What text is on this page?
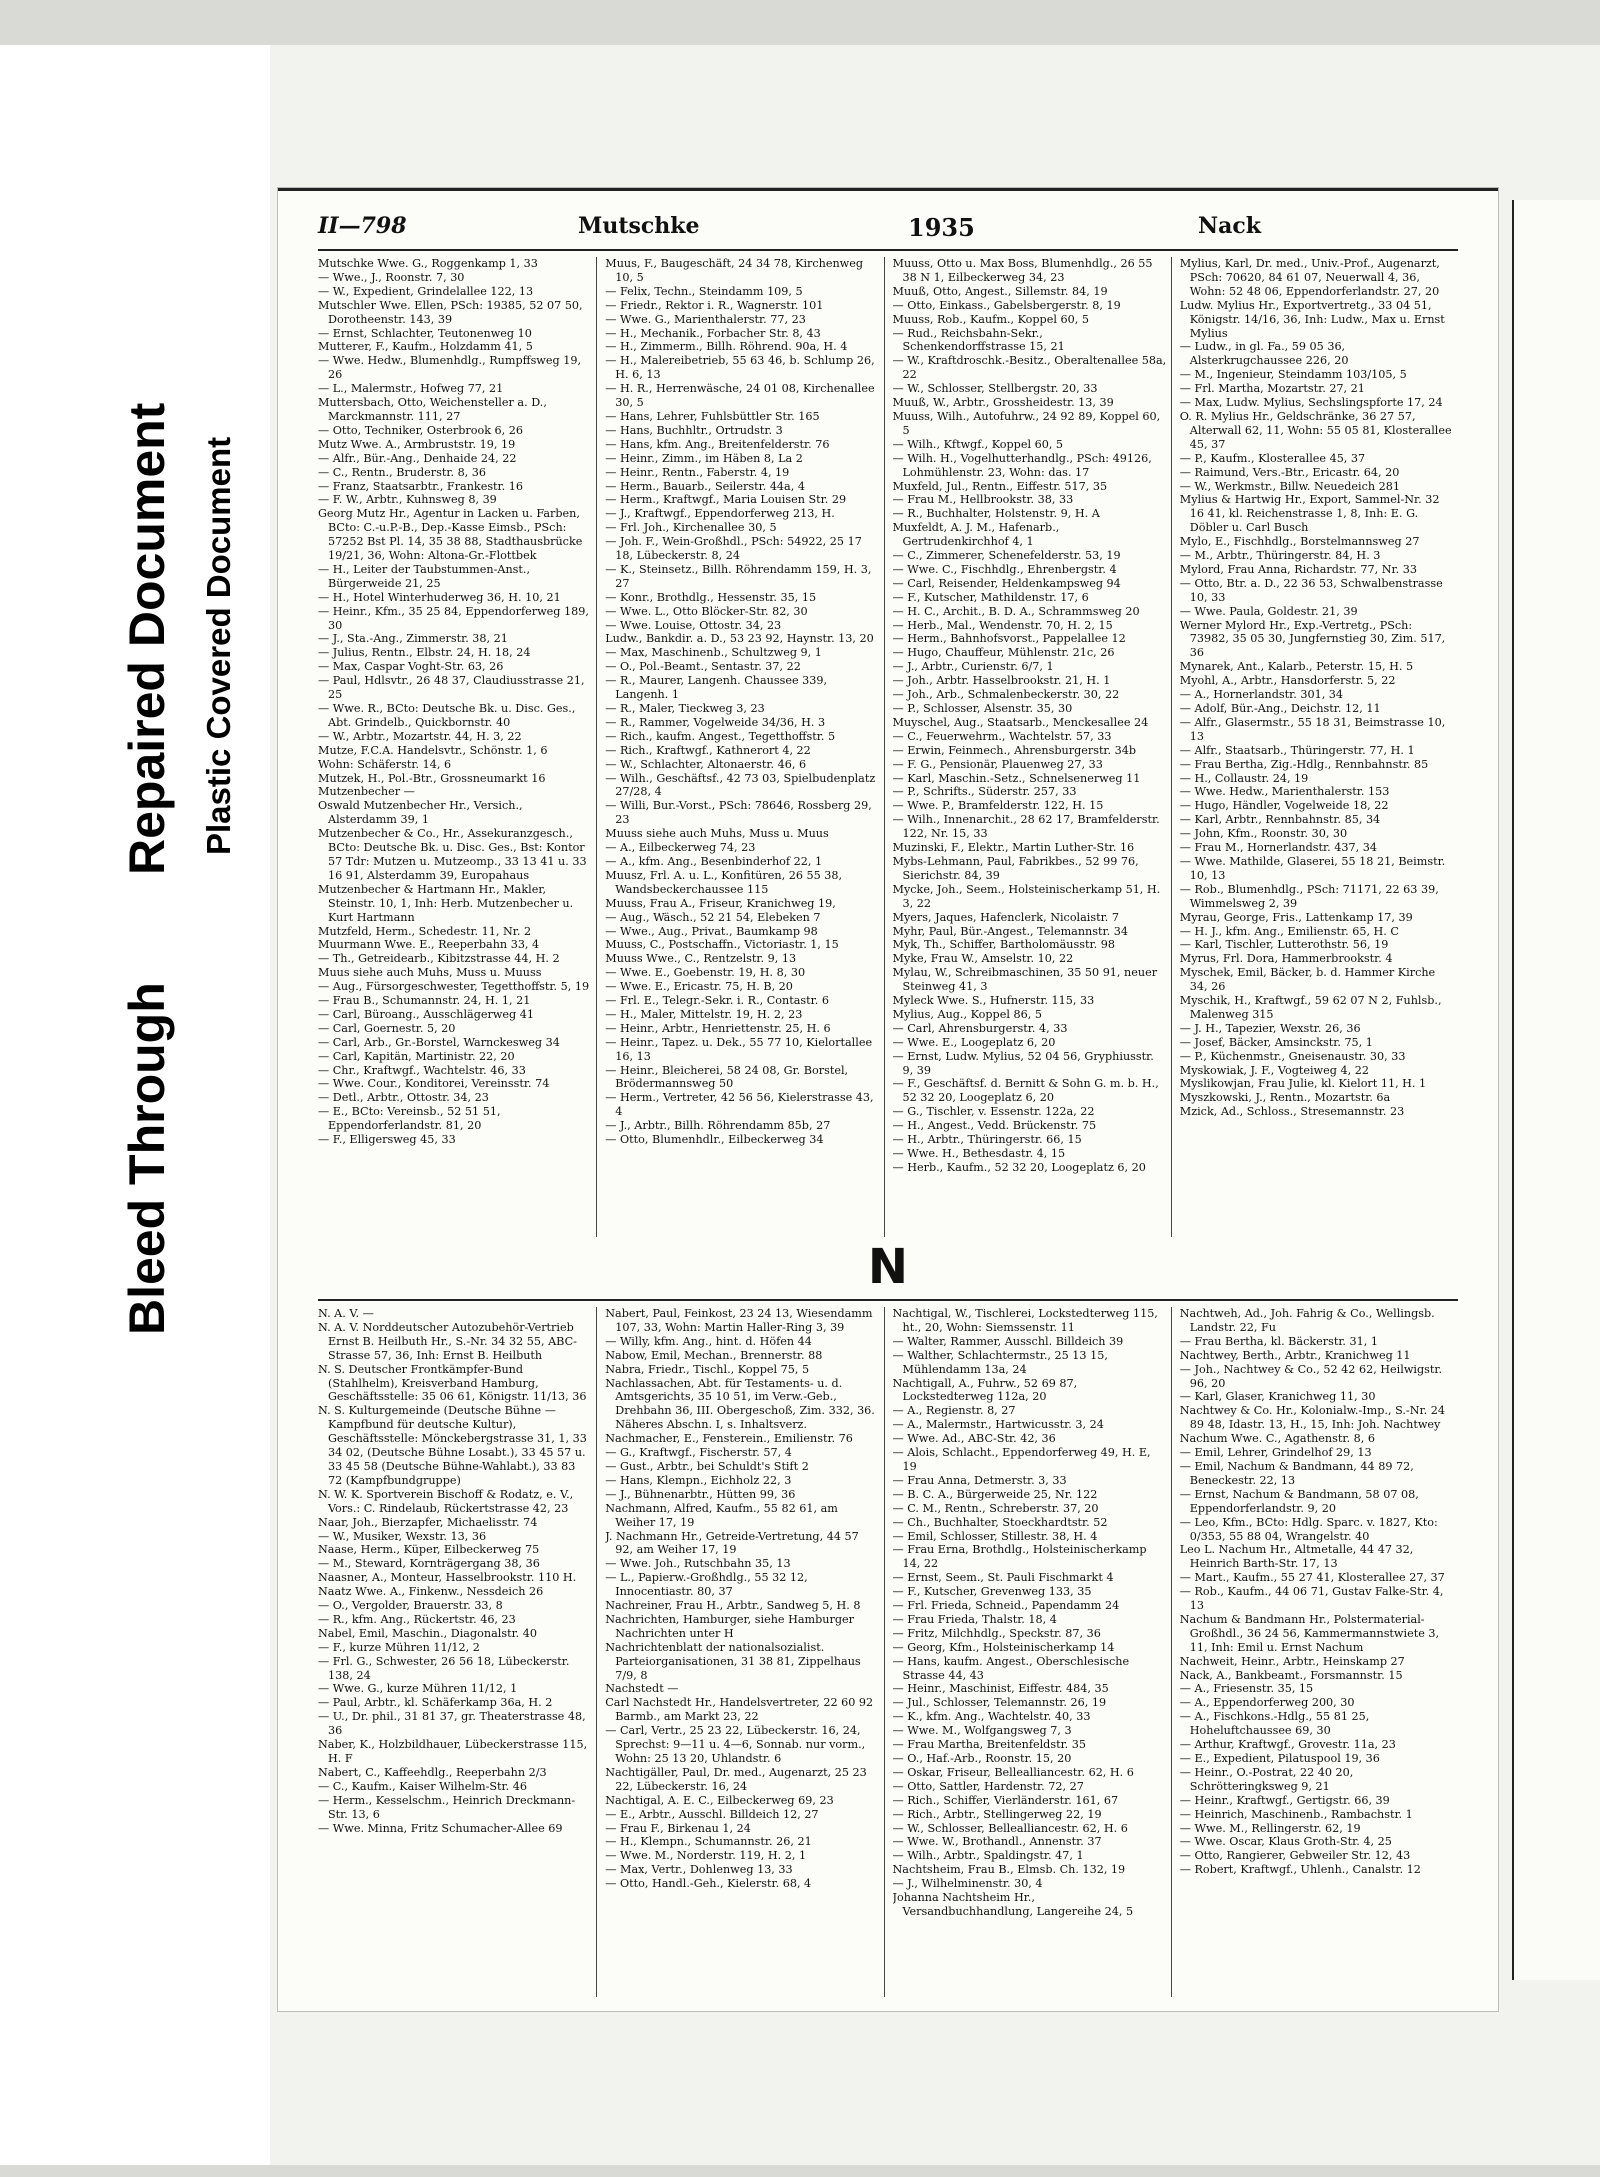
Bleed Through
Repaired Document Plastic Covered Document
II—798	Mutschke	1935	Nack

Mutschke Wwe. G., Roggenkamp 1, 33

— Wwe., J., Roonstr. 7, 30

— W., Expedient, Grindelallee 122, 13

Mutschler Wwe. Ellen, PSch: 19385, 52 07 50, Dorotheenstr. 143, 39

— Ernst, Schlachter, Teutonenweg 10

Mutterer, F., Kaufm., Holzdamm 41, 5

— Wwe. Hedw., Blumenhdlg., Rumpffsweg 19, 26

— L., Malermstr., Hofweg 77, 21

Muttersbach, Otto, Weichensteller a. D., Marckmannstr. 111, 27

— Otto, Techniker, Osterbrook 6, 26

Mutz Wwe. A., Armbruststr. 19, 19

— Alfr., Bür.-Ang., Denhaide 24, 22

— C., Rentn., Bruderstr. 8, 36

— Franz, Staatsarbtr., Frankestr. 16

— F. W., Arbtr., Kuhnsweg 8, 39

Georg Mutz Hr., Agentur in Lacken u. Farben, BCto: C.-u.P.-B., Dep.-Kasse Eimsb., PSch: 57252 Bst Pl. 14, 35 38 88, Stadthausbrücke 19/21, 36, Wohn: Altona-Gr.-Flottbek

— H., Leiter der Taubstummen-Anst., Bürgerweide 21, 25

— H., Hotel Winterhuderweg 36, H. 10, 21

— Heinr., Kfm., 35 25 84, Eppendorferweg 189, 30

— J., Sta.-Ang., Zimmerstr. 38, 21

— Julius, Rentn., Elbstr. 24, H. 18, 24

— Max, Caspar Voght-Str. 63, 26

— Paul, Hdlsvtr., 26 48 37, Claudiusstrasse 21, 25

— Wwe. R., BCto: Deutsche Bk. u. Disc. Ges., Abt. Grindelb., Quickbornstr. 40

— W., Arbtr., Mozartstr. 44, H. 3, 22

Mutze, F.C.A. Handelsvtr., Schönstr. 1, 6

Wohn: Schäferstr. 14, 6

Mutzek, H., Pol.-Btr., Grossneumarkt 16

Mutzenbecher —

Oswald Mutzenbecher Hr., Versich., Alsterdamm 39, 1

Mutzenbecher & Co., Hr., Assekuranzgesch., BCto: Deutsche Bk. u. Disc. Ges., Bst: Kontor 57 Tdr: Mutzen u. Mutzeomp., 33 13 41 u. 33 16 91, Alsterdamm 39, Europahaus

Mutzenbecher & Hartmann Hr., Makler, Steinstr. 10, 1, Inh: Herb. Mutzenbecher u. Kurt Hartmann

Mutzfeld, Herm., Schedestr. 11, Nr. 2

Muurmann Wwe. E., Reeperbahn 33, 4

— Th., Getreidearb., Kibitzstrasse 44, H. 2

Muus siehe auch Muhs, Muss u. Muuss

— Aug., Fürsorgeschwester, Tegetthoffstr. 5, 19

— Frau B., Schumannstr. 24, H. 1, 21

— Carl, Büroang., Ausschlägerweg 41

— Carl, Goernestr. 5, 20

— Carl, Arb., Gr.-Borstel, Warnckesweg 34

— Carl, Kapitän, Martinistr. 22, 20

— Chr., Kraftwgf., Wachtelstr. 46, 33

— Wwe. Cour., Konditorei, Vereinsstr. 74

— Detl., Arbtr., Ottostr. 34, 23

— E., BCto: Vereinsb., 52 51 51, Eppendorferlandstr. 81, 20

— F., Elligersweg 45, 33

Muus, F., Baugeschäft, 24 34 78, Kirchenweg 10, 5

— Felix, Techn., Steindamm 109, 5

— Friedr., Rektor i. R., Wagnerstr. 101

— Wwe. G., Marienthalerstr. 77, 23

— H., Mechanik., Forbacher Str. 8, 43

— H., Zimmerm., Billh. Röhrend. 90a, H. 4

— H., Malereibetrieb, 55 63 46, b. Schlump 26, H. 6, 13

— H. R., Herrenwäsche, 24 01 08, Kirchenallee 30, 5

— Hans, Lehrer, Fuhlsbüttler Str. 165

— Hans, Buchhltr., Ortrudstr. 3

— Hans, kfm. Ang., Breitenfelderstr. 76

— Heinr., Zimm., im Häben 8, La 2

— Heinr., Rentn., Faberstr. 4, 19

— Herm., Bauarb., Seilerstr. 44a, 4

— Herm., Kraftwgf., Maria Louisen Str. 29

— J., Kraftwgf., Eppendorferweg 213, H.

— Frl. Joh., Kirchenallee 30, 5

— Joh. F., Wein-Großhdl., PSch: 54922, 25 17 18, Lübeckerstr. 8, 24

— K., Steinsetz., Billh. Röhrendamm 159, H. 3, 27

— Konr., Brothdlg., Hessenstr. 35, 15

— Wwe. L., Otto Blöcker-Str. 82, 30

— Wwe. Louise, Ottostr. 34, 23

Ludw., Bankdir. a. D., 53 23 92, Haynstr. 13, 20

— Max, Maschinenb., Schultzweg 9, 1

— O., Pol.-Beamt., Sentastr. 37, 22

— R., Maurer, Langenh. Chaussee 339, Langenh. 1

— R., Maler, Tieckweg 3, 23

— R., Rammer, Vogelweide 34/36, H. 3

— Rich., kaufm. Angest., Tegetthoffstr. 5

— Rich., Kraftwgf., Kathnerort 4, 22

— W., Schlachter, Altonaerstr. 46, 6

— Wilh., Geschäftsf., 42 73 03, Spielbudenplatz 27/28, 4

— Willi, Bur.-Vorst., PSch: 78646, Rossberg 29, 23

Muuss siehe auch Muhs, Muss u. Muus

— A., Eilbeckerweg 74, 23

— A., kfm. Ang., Besenbinderhof 22, 1

Muusz, Frl. A. u. L., Konfitüren, 26 55 38, Wandsbeckerchaussee 115

Muuss, Frau A., Friseur, Kranichweg 19,

— Aug., Wäsch., 52 21 54, Elebeken 7

— Wwe., Aug., Privat., Baumkamp 98

Muuss, C., Postschaffn., Victoriastr. 1, 15

Muuss Wwe., C., Rentzelstr. 9, 13

— Wwe. E., Goebenstr. 19, H. 8, 30

— Wwe. E., Ericastr. 75, H. B, 20

— Frl. E., Telegr.-Sekr. i. R., Contastr. 6

— H., Maler, Mittelstr. 19, H. 2, 23

— Heinr., Arbtr., Henriettenstr. 25, H. 6

— Heinr., Tapez. u. Dek., 55 77 10, Kielortallee 16, 13

— Heinr., Bleicherei, 58 24 08, Gr. Borstel, Brödermannsweg 50

— Herm., Vertreter, 42 56 56, Kielerstrasse 43, 4

— J., Arbtr., Billh. Röhrendamm 85b, 27

— Otto, Blumenhdlr., Eilbeckerweg 34

Muuss, Otto u. Max Boss, Blumenhdlg., 26 55 38 N 1, Eilbeckerweg 34, 23

Muuß, Otto, Angest., Sillemstr. 84, 19

— Otto, Einkass., Gabelsbergerstr. 8, 19

Muuss, Rob., Kaufm., Koppel 60, 5

— Rud., Reichsbahn-Sekr., Schenkendorffstrasse 15, 21

— W., Kraftdroschk.-Besitz., Oberaltenallee 58a, 22

— W., Schlosser, Stellbergstr. 20, 33

Muuß, W., Arbtr., Grossheidestr. 13, 39

Muuss, Wilh., Autofuhrw., 24 92 89, Koppel 60, 5

— Wilh., Kftwgf., Koppel 60, 5

— Wilh. H., Vogelhutterhandlg., PSch: 49126, Lohmühlenstr. 23, Wohn: das. 17

Muxfeld, Jul., Rentn., Eiffestr. 517, 35

— Frau M., Hellbrookstr. 38, 33

— R., Buchhalter, Holstenstr. 9, H. A

Muxfeldt, A. J. M., Hafenarb., Gertrudenkirchhof 4, 1

— C., Zimmerer, Schenefelderstr. 53, 19

— Wwe. C., Fischhdlg., Ehrenbergstr. 4

— Carl, Reisender, Heldenkampsweg 94

— F., Kutscher, Mathildenstr. 17, 6

— H. C., Archit., B. D. A., Schrammsweg 20

— Herb., Mal., Wendenstr. 70, H. 2, 15

— Herm., Bahnhofsvorst., Pappelallee 12

— Hugo, Chauffeur, Mühlenstr. 21c, 26

— J., Arbtr., Curienstr. 6/7, 1

— Joh., Arbtr. Hasselbrookstr. 21, H. 1

— Joh., Arb., Schmalenbeckerstr. 30, 22

— P., Schlosser, Alsenstr. 35, 30

Muyschel, Aug., Staatsarb., Menckesallee 24

— C., Feuerwehrm., Wachtelstr. 57, 33

— Erwin, Feinmech., Ahrensburgerstr. 34b

— F. G., Pensionär, Plauenweg 27, 33

— Karl, Maschin.-Setz., Schnelsenerweg 11

— P., Schrifts., Süderstr. 257, 33

— Wwe. P., Bramfelderstr. 122, H. 15

— Wilh., Innenarchit., 28 62 17, Bramfelderstr. 122, Nr. 15, 33

Muzinski, F., Elektr., Martin Luther-Str. 16

Mybs-Lehmann, Paul, Fabrikbes., 52 99 76, Sierichstr. 84, 39

Mycke, Joh., Seem., Holsteinischerkamp 51, H. 3, 22

Myers, Jaques, Hafenclerk, Nicolaistr. 7

Myhr, Paul, Bür.-Angest., Telemannstr. 34

Myk, Th., Schiffer, Bartholomäusstr. 98

Myke, Frau W., Amselstr. 10, 22

Mylau, W., Schreibmaschinen, 35 50 91, neuer Steinweg 41, 3

Myleck Wwe. S., Hufnerstr. 115, 33

Mylius, Aug., Koppel 86, 5

— Carl, Ahrensburgerstr. 4, 33

— Wwe. E., Loogeplatz 6, 20

— Ernst, Ludw. Mylius, 52 04 56, Gryphiusstr. 9, 39

— F., Geschäftsf. d. Bernitt & Sohn G. m. b. H., 52 32 20, Loogeplatz 6, 20

— G., Tischler, v. Essenstr. 122a, 22

— H., Angest., Vedd. Brückenstr. 75

— H., Arbtr., Thüringerstr. 66, 15

— Wwe. H., Bethesdastr. 4, 15

— Herb., Kaufm., 52 32 20, Loogeplatz 6, 20

Mylius, Karl, Dr. med., Univ.-Prof., Augenarzt, PSch: 70620, 84 61 07, Neuerwall 4, 36, Wohn: 52 48 06, Eppendorferlandstr. 27, 20

Ludw. Mylius Hr., Exportvertretg., 33 04 51, Königstr. 14/16, 36, Inh: Ludw., Max u. Ernst Mylius

— Ludw., in gl. Fa., 59 05 36, Alsterkrugchaussee 226, 20

— M., Ingenieur, Steindamm 103/105, 5

— Frl. Martha, Mozartstr. 27, 21

— Max, Ludw. Mylius, Sechslingspforte 17, 24

O. R. Mylius Hr., Geldschränke, 36 27 57, Alterwall 62, 11, Wohn: 55 05 81, Klosterallee 45, 37

— P., Kaufm., Klosterallee 45, 37

— Raimund, Vers.-Btr., Ericastr. 64, 20

— W., Werkmstr., Billw. Neuedeich 281

Mylius & Hartwig Hr., Export, Sammel-Nr. 32 16 41, kl. Reichenstrasse 1, 8, Inh: E. G. Döbler u. Carl Busch

Mylo, E., Fischhdlg., Borstelmannsweg 27

— M., Arbtr., Thüringerstr. 84, H. 3

Mylord, Frau Anna, Richardstr. 77, Nr. 33

— Otto, Btr. a. D., 22 36 53, Schwalbenstrasse 10, 33

— Wwe. Paula, Goldestr. 21, 39

Werner Mylord Hr., Exp.-Vertretg., PSch: 73982, 35 05 30, Jungfernstieg 30, Zim. 517, 36

Mynarek, Ant., Kalarb., Peterstr. 15, H. 5

Myohl, A., Arbtr., Hansdorferstr. 5, 22

— A., Hornerlandstr. 301, 34

— Adolf, Bür.-Ang., Deichstr. 12, 11

— Alfr., Glasermstr., 55 18 31, Beimstrasse 10, 13

— Alfr., Staatsarb., Thüringerstr. 77, H. 1

— Frau Bertha, Zig.-Hdlg., Rennbahnstr. 85

— H., Collaustr. 24, 19

— Wwe. Hedw., Marienthalerstr. 153

— Hugo, Händler, Vogelweide 18, 22

— Karl, Arbtr., Rennbahnstr. 85, 34

— John, Kfm., Roonstr. 30, 30

— Frau M., Hornerlandstr. 437, 34

— Wwe. Mathilde, Glaserei, 55 18 21, Beimstr. 10, 13

— Rob., Blumenhdlg., PSch: 71171, 22 63 39, Wimmelsweg 2, 39

Myrau, George, Fris., Lattenkamp 17, 39

— H. J., kfm. Ang., Emilienstr. 65, H. C

— Karl, Tischler, Lutterothstr. 56, 19

Myrus, Frl. Dora, Hammerbrookstr. 4

Myschek, Emil, Bäcker, b. d. Hammer Kirche 34, 26

Myschik, H., Kraftwgf., 59 62 07 N 2, Fuhlsb., Malenweg 315

— J. H., Tapezier, Wexstr. 26, 36

— Josef, Bäcker, Amsinckstr. 75, 1

— P., Küchenmstr., Gneisenaustr. 30, 33

Myskowiak, J. F., Vogteiweg 4, 22

Myslikowjan, Frau Julie, kl. Kielort 11, H. 1

Myszkowski, J., Rentn., Mozartstr. 6a

Mzick, Ad., Schloss., Stresemannstr. 23

N

N. A. V. —

N. A. V. Norddeutscher Autozubehör-Vertrieb Ernst B. Heilbuth Hr., S.-Nr. 34 32 55, ABC-Strasse 57, 36, Inh: Ernst B. Heilbuth

N. S. Deutscher Frontkämpfer-Bund (Stahlhelm), Kreisverband Hamburg, Geschäftsstelle: 35 06 61, Königstr. 11/13, 36

N. S. Kulturgemeinde (Deutsche Bühne — Kampfbund für deutsche Kultur), Geschäftsstelle: Mönckebergstrasse 31, 1, 33 34 02, (Deutsche Bühne Losabt.), 33 45 57 u. 33 45 58 (Deutsche Bühne-Wahlabt.), 33 83 72 (Kampfbundgruppe)

N. W. K. Sportverein Bischoff & Rodatz, e. V., Vors.: C. Rindelaub, Rückertstrasse 42, 23

Naar, Joh., Bierzapfer, Michaelisstr. 74

— W., Musiker, Wexstr. 13, 36

Naase, Herm., Küper, Eilbeckerweg 75

— M., Steward, Kornträgergang 38, 36

Naasner, A., Monteur, Hasselbrookstr. 110 H.

Naatz Wwe. A., Finkenw., Nessdeich 26

— O., Vergolder, Brauerstr. 33, 8

— R., kfm. Ang., Rückertstr. 46, 23

Nabel, Emil, Maschin., Diagonalstr. 40

— F., kurze Mühren 11/12, 2

— Frl. G., Schwester, 26 56 18, Lübeckerstr. 138, 24

— Wwe. G., kurze Mühren 11/12, 1

— Paul, Arbtr., kl. Schäferkamp 36a, H. 2

— U., Dr. phil., 31 81 37, gr. Theaterstrasse 48, 36

Naber, K., Holzbildhauer, Lübeckerstrasse 115, H. F

Nabert, C., Kaffeehdlg., Reeperbahn 2/3

— C., Kaufm., Kaiser Wilhelm-Str. 46

— Herm., Kesselschm., Heinrich Dreckmann-Str. 13, 6

— Wwe. Minna, Fritz Schumacher-Allee 69

Nabert, Paul, Feinkost, 23 24 13, Wiesendamm 107, 33, Wohn: Martin Haller-Ring 3, 39

— Willy, kfm. Ang., hint. d. Höfen 44

Nabow, Emil, Mechan., Brennerstr. 88

Nabra, Friedr., Tischl., Koppel 75, 5

Nachlassachen, Abt. für Testaments- u. d. Amtsgerichts, 35 10 51, im Verw.-Geb., Drehbahn 36, III. Obergeschoß, Zim. 332, 36. Näheres Abschn. I, s. Inhaltsverz.

Nachmacher, E., Fensterein., Emilienstr. 76

— G., Kraftwgf., Fischerstr. 57, 4

— Gust., Arbtr., bei Schuldt's Stift 2

— Hans, Klempn., Eichholz 22, 3

— J., Bühnenarbtr., Hütten 99, 36

Nachmann, Alfred, Kaufm., 55 82 61, am Weiher 17, 19

J. Nachmann Hr., Getreide-Vertretung, 44 57 92, am Weiher 17, 19

— Wwe. Joh., Rutschbahn 35, 13

— L., Papierw.-Großhdlg., 55 32 12, Innocentiastr. 80, 37

Nachreiner, Frau H., Arbtr., Sandweg 5, H. 8

Nachrichten, Hamburger, siehe Hamburger Nachrichten unter H

Nachrichtenblatt der nationalsozialist. Parteiorganisationen, 31 38 81, Zippelhaus 7/9, 8

Nachstedt —

Carl Nachstedt Hr., Handelsvertreter, 22 60 92 Barmb., am Markt 23, 22

— Carl, Vertr., 25 23 22, Lübeckerstr. 16, 24, Sprechst: 9—11 u. 4—6, Sonnab. nur vorm., Wohn: 25 13 20, Uhlandstr. 6

Nachtigäller, Paul, Dr. med., Augenarzt, 25 23 22, Lübeckerstr. 16, 24

Nachtigal, A. E. C., Eilbeckerweg 69, 23

— E., Arbtr., Ausschl. Billdeich 12, 27

— Frau F., Birkenau 1, 24

— H., Klempn., Schumannstr. 26, 21

— Wwe. M., Norderstr. 119, H. 2, 1

— Max, Vertr., Dohlenweg 13, 33

— Otto, Handl.-Geh., Kielerstr. 68, 4

Nachtigal, W., Tischlerei, Lockstedterweg 115, ht., 20, Wohn: Siemssenstr. 11

— Walter, Rammer, Ausschl. Billdeich 39

— Walther, Schlachtermstr., 25 13 15, Mühlendamm 13a, 24

Nachtigall, A., Fuhrw., 52 69 87, Lockstedterweg 112a, 20

— A., Regienstr. 8, 27

— A., Malermstr., Hartwicusstr. 3, 24

— Wwe. Ad., ABC-Str. 42, 36

— Alois, Schlacht., Eppendorferweg 49, H. E, 19

— Frau Anna, Detmerstr. 3, 33

— B. C. A., Bürgerweide 25, Nr. 122

— C. M., Rentn., Schreberstr. 37, 20

— Ch., Buchhalter, Stoeckhardtstr. 52

— Emil, Schlosser, Stillestr. 38, H. 4

— Frau Erna, Brothdlg., Holsteinischerkamp 14, 22

— Ernst, Seem., St. Pauli Fischmarkt 4

— F., Kutscher, Grevenweg 133, 35

— Frl. Frieda, Schneid., Papendamm 24

— Frau Frieda, Thalstr. 18, 4

— Fritz, Milchhdlg., Speckstr. 87, 36

— Georg, Kfm., Holsteinischerkamp 14

— Hans, kaufm. Angest., Oberschlesische Strasse 44, 43

— Heinr., Maschinist, Eiffestr. 484, 35

— Jul., Schlosser, Telemannstr. 26, 19

— K., kfm. Ang., Wachtelstr. 40, 33

— Wwe. M., Wolfgangsweg 7, 3

— Frau Martha, Breitenfeldstr. 35

— O., Haf.-Arb., Roonstr. 15, 20

— Oskar, Friseur, Bellealliancestr. 62, H. 6

— Otto, Sattler, Hardenstr. 72, 27

— Rich., Schiffer, Vierländerstr. 161, 67

— Rich., Arbtr., Stellingerweg 22, 19

— W., Schlosser, Bellealliancestr. 62, H. 6

— Wwe. W., Brothandl., Annenstr. 37

— Wilh., Arbtr., Spaldingstr. 47, 1

Nachtsheim, Frau B., Elmsb. Ch. 132, 19

— J., Wilhelminenstr. 30, 4

Johanna Nachtsheim Hr., Versandbuchhandlung, Langereihe 24, 5

Nachtweh, Ad., Joh. Fahrig & Co., Wellingsb. Landstr. 22, Fu

— Frau Bertha, kl. Bäckerstr. 31, 1

Nachtwey, Berth., Arbtr., Kranichweg 11

— Joh., Nachtwey & Co., 52 42 62, Heilwigstr. 96, 20

— Karl, Glaser, Kranichweg 11, 30

Nachtwey & Co. Hr., Kolonialw.-Imp., S.-Nr. 24 89 48, Idastr. 13, H., 15, Inh: Joh. Nachtwey

Nachum Wwe. C., Agathenstr. 8, 6

— Emil, Lehrer, Grindelhof 29, 13

— Emil, Nachum & Bandmann, 44 89 72, Beneckestr. 22, 13

— Ernst, Nachum & Bandmann, 58 07 08, Eppendorferlandstr. 9, 20

— Leo, Kfm., BCto: Hdlg. Sparc. v. 1827, Kto: 0/353, 55 88 04, Wrangelstr. 40

Leo L. Nachum Hr., Altmetalle, 44 47 32, Heinrich Barth-Str. 17, 13

— Mart., Kaufm., 55 27 41, Klosterallee 27, 37

— Rob., Kaufm., 44 06 71, Gustav Falke-Str. 4, 13

Nachum & Bandmann Hr., Polstermaterial-Großhdl., 36 24 56, Kammermannstwiete 3, 11, Inh: Emil u. Ernst Nachum

Nachweit, Heinr., Arbtr., Heinskamp 27

Nack, A., Bankbeamt., Forsmannstr. 15

— A., Friesenstr. 35, 15

— A., Eppendorferweg 200, 30

— A., Fischkons.-Hdlg., 55 81 25, Hoheluftchaussee 69, 30

— Arthur, Kraftwgf., Grovestr. 11a, 23

— E., Expedient, Pilatuspool 19, 36

— Heinr., O.-Postrat, 22 40 20, Schrötteringksweg 9, 21

— Heinr., Kraftwgf., Gertigstr. 66, 39

— Heinrich, Maschinenb., Rambachstr. 1

— Wwe. M., Rellingerstr. 62, 19

— Wwe. Oscar, Klaus Groth-Str. 4, 25

— Otto, Rangierer, Gebweiler Str. 12, 43

— Robert, Kraftwgf., Uhlenh., Canalstr. 12
